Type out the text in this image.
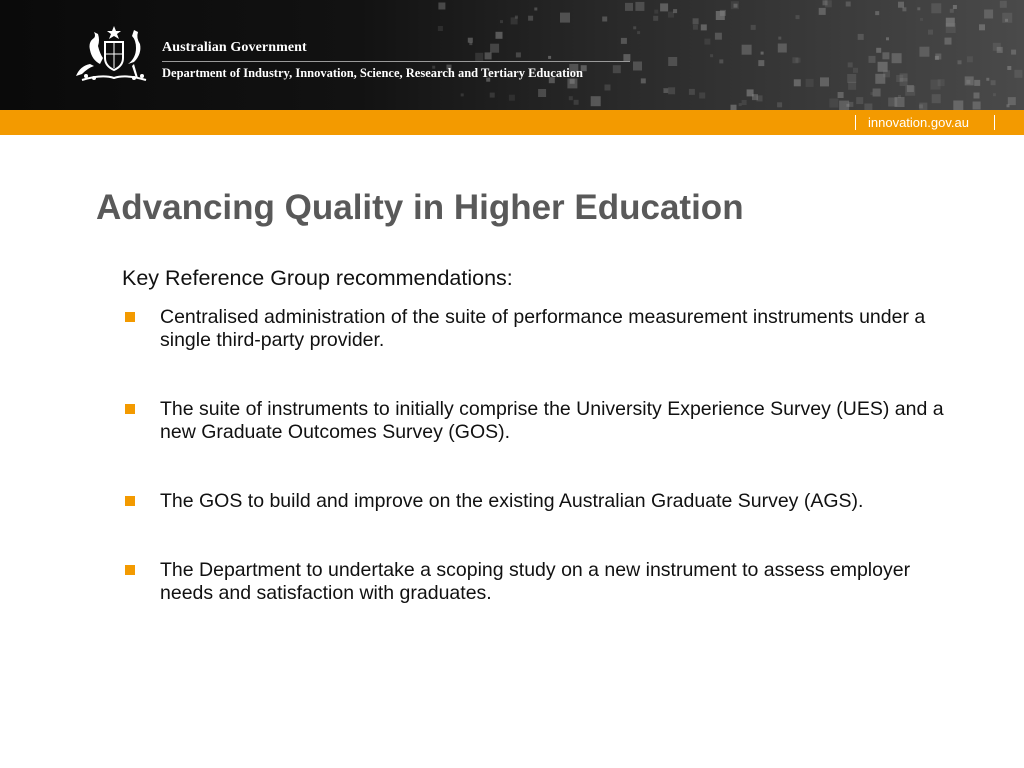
Australian Government
Department of Industry, Innovation, Science, Research and Tertiary Education
innovation.gov.au
Advancing Quality in Higher Education
Key Reference Group recommendations:
Centralised administration of the suite of performance measurement instruments under a single third-party provider.
The suite of instruments to initially comprise the University Experience Survey (UES) and a new Graduate Outcomes Survey (GOS).
The GOS to build and improve on the existing Australian Graduate Survey (AGS).
The Department to undertake a scoping study on a new instrument to assess employer needs and satisfaction with graduates.
